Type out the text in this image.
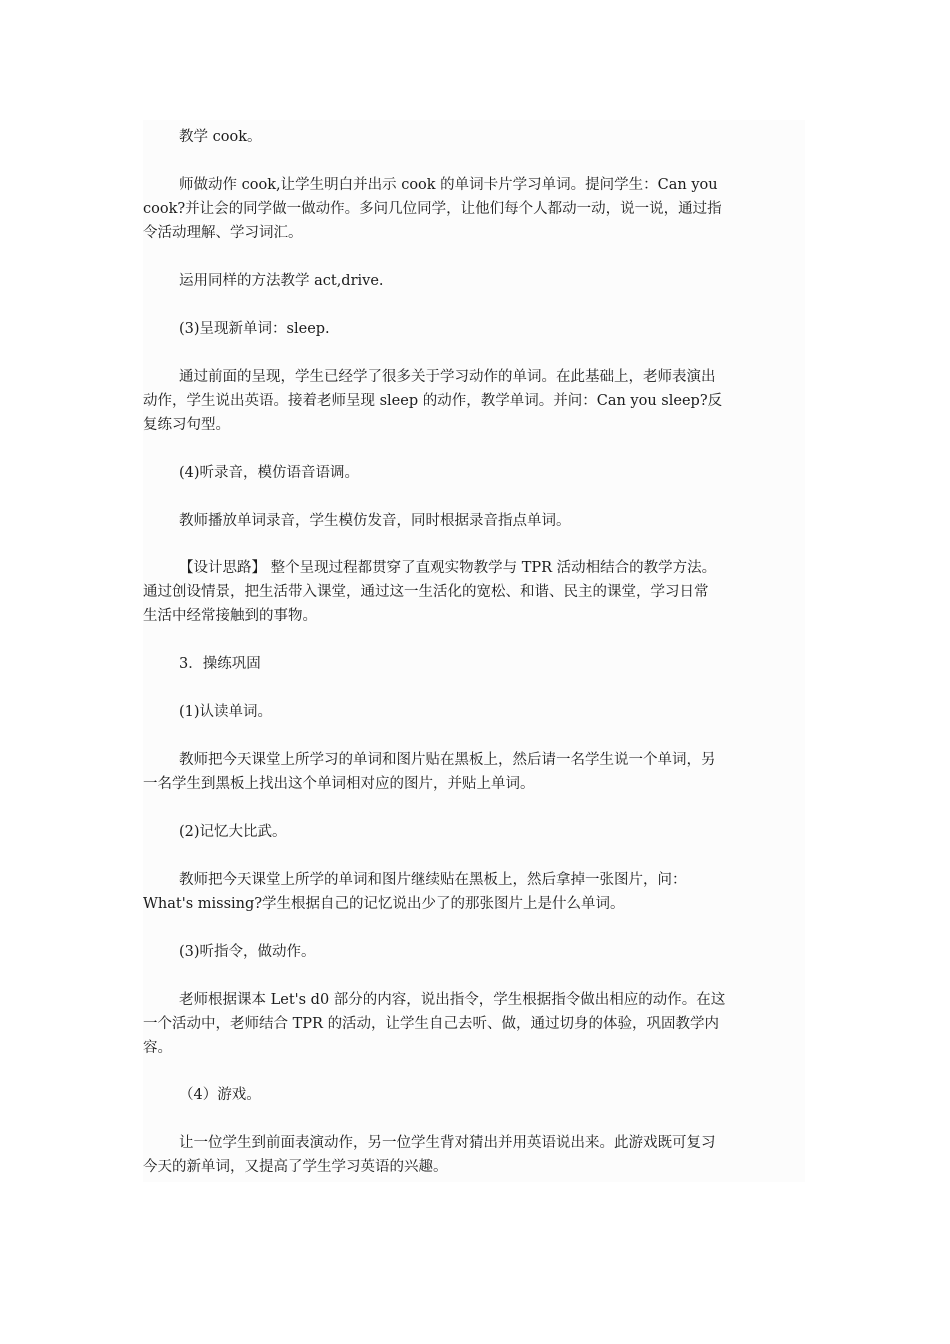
教学 cook。
师做动作 cook,让学生明白并出示 cook 的单词卡片学习单词。提问学生：Can you
cook?并让会的同学做一做动作。多问几位同学，让他们每个人都动一动，说一说，通过指
令活动理解、学习词汇。
运用同样的方法教学 act,drive.
(3)呈现新单词：sleep.
通过前面的呈现，学生已经学了很多关于学习动作的单词。在此基础上，老师表演出
动作，学生说出英语。接着老师呈现 sleep 的动作，教学单词。并问：Can you sleep?反
复练习句型。
(4)听录音，模仿语音语调。
教师播放单词录音，学生模仿发音，同时根据录音指点单词。
【设计思路】 整个呈现过程都贯穿了直观实物教学与 TPR 活动相结合的教学方法。
通过创设情景，把生活带入课堂，通过这一生活化的宽松、和谐、民主的课堂，学习日常
生活中经常接触到的事物。
3．操练巩固
(1)认读单词。
教师把今天课堂上所学习的单词和图片贴在黑板上，然后请一名学生说一个单词，另
一名学生到黑板上找出这个单词相对应的图片，并贴上单词。
(2)记忆大比武。
教师把今天课堂上所学的单词和图片继续贴在黑板上，然后拿掉一张图片，问：
What's missing?学生根据自己的记忆说出少了的那张图片上是什么单词。
(3)听指令，做动作。
老师根据课本 Let's d0 部分的内容，说出指令，学生根据指令做出相应的动作。在这
一个活动中，老师结合 TPR 的活动，让学生自己去听、做，通过切身的体验，巩固教学内
容。
（4）游戏。
让一位学生到前面表演动作，另一位学生背对猜出并用英语说出来。此游戏既可复习
今天的新单词，又提高了学生学习英语的兴趣。
